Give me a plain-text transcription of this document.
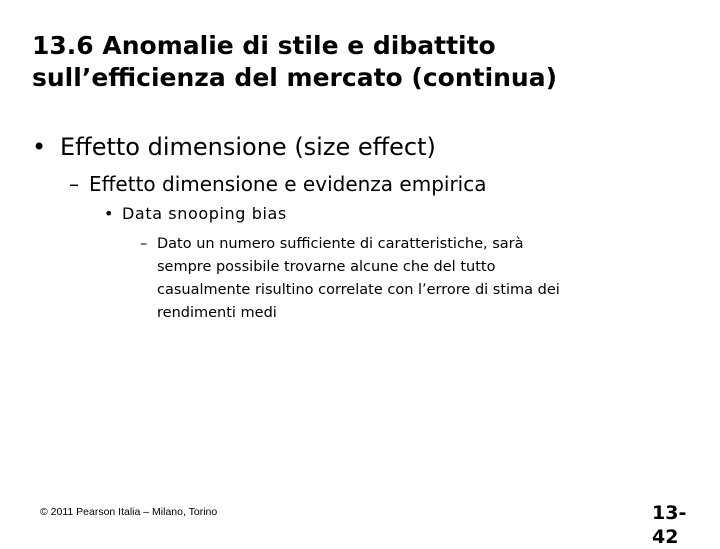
13.6 Anomalie di stile e dibattito
sull’efficienza del mercato (continua)
• Effetto dimensione (size effect)
– Effetto dimensione e evidenza empirica
• Data snooping bias
– Dato un numero sufficiente di caratteristiche, sarà
sempre possibile trovarne alcune che del tutto
casualmente risultino correlate con l’errore di stima dei
rendimenti medi
© 2011 Pearson Italia – Milano, Torino	13-
42
